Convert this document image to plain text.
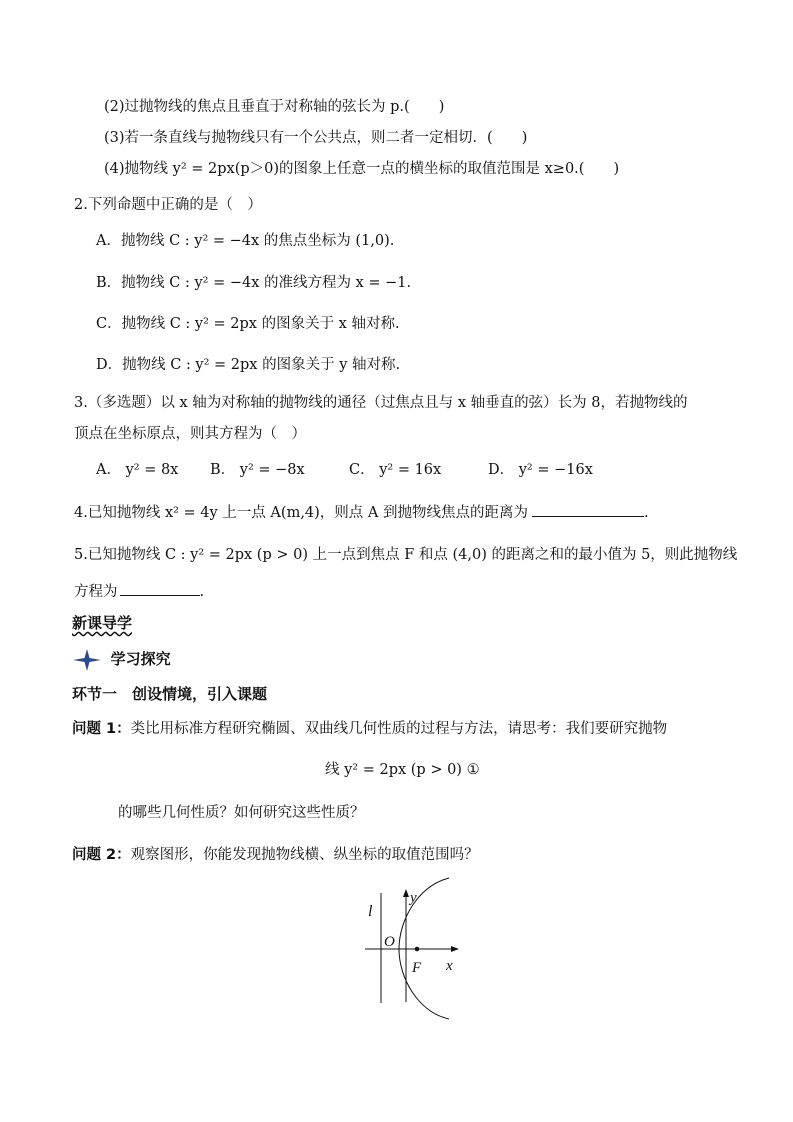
(2)过抛物线的焦点且垂直于对称轴的弦长为 p.(　　)
(3)若一条直线与抛物线只有一个公共点，则二者一定相切．(　　)
(4)抛物线 y² = 2px(p＞0)的图象上任意一点的横坐标的取值范围是 x≥0.(　　)
2.下列命题中正确的是（　）
A．抛物线 C : y² = −4x 的焦点坐标为 (1,0).
B．抛物线 C : y² = −4x 的准线方程为 x = −1.
C．抛物线 C : y² = 2px 的图象关于 x 轴对称.
D．抛物线 C : y² = 2px 的图象关于 y 轴对称.
3.（多选题）以 x 轴为对称轴的抛物线的通径（过焦点且与 x 轴垂直的弦）长为 8，若抛物线的
顶点在坐标原点，则其方程为（　）
A． y² = 8x B． y² = −8x	C． y² = 16x	D． y² = −16x
4.已知抛物线 x² = 4y 上一点 A(m,4)，则点 A 到抛物线焦点的距离为	.
5.已知抛物线 C : y² = 2px (p > 0) 上一点到焦点 F 和点 (4,0) 的距离之和的最小值为 5，则此抛物线
方程为	.
新课导学
学习探究
环节一　创设情境，引入课题
问题 1：类比用标准方程研究椭圆、双曲线几何性质的过程与方法，请思考：我们要研究抛物
线 y² = 2px (p > 0) ①
的哪些几何性质？如何研究这些性质？
问题 2：观察图形，你能发现抛物线横、纵坐标的取值范围吗？
l
y
O
F x
